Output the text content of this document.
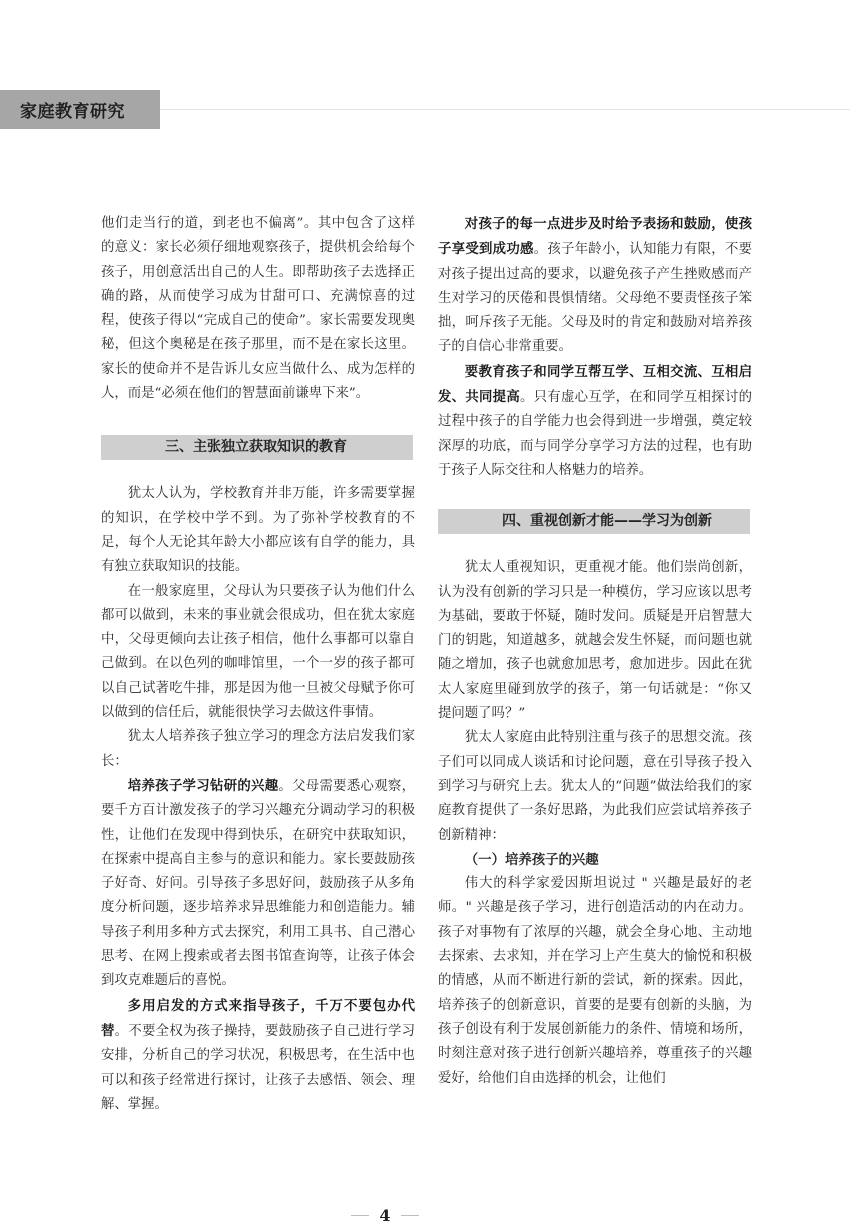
家庭教育研究

他们走当行的道，到老也不偏离”。其中包含了这样的意义：家长必须仔细地观察孩子，提供机会给每个孩子，用创意活出自己的人生。即帮助孩子去选择正确的路，从而使学习成为甘甜可口、充满惊喜的过程，使孩子得以“完成自己的使命”。家长需要发现奥秘，但这个奥秘是在孩子那里，而不是在家长这里。家长的使命并不是告诉儿女应当做什么、成为怎样的人，而是“必须在他们的智慧面前谦卑下来”。

三、主张独立获取知识的教育

犹太人认为，学校教育并非万能，许多需要掌握的知识，在学校中学不到。为了弥补学校教育的不足，每个人无论其年龄大小都应该有自学的能力，具有独立获取知识的技能。

在一般家庭里，父母认为只要孩子认为他们什么都可以做到，未来的事业就会很成功，但在犹太家庭中，父母更倾向去让孩子相信，他什么事都可以靠自己做到。在以色列的咖啡馆里，一个一岁的孩子都可以自己试著吃牛排，那是因为他一旦被父母赋予你可以做到的信任后，就能很快学习去做这件事情。

犹太人培养孩子独立学习的理念方法启发我们家长：

培养孩子学习钻研的兴趣。父母需要悉心观察，要千方百计激发孩子的学习兴趣充分调动学习的积极性，让他们在发现中得到快乐，在研究中获取知识，在探索中提高自主参与的意识和能力。家长要鼓励孩子好奇、好问。引导孩子多思好问，鼓励孩子从多角度分析问题，逐步培养求异思维能力和创造能力。辅导孩子利用多种方式去探究，利用工具书、自己潜心思考、在网上搜索或者去图书馆查询等，让孩子体会到攻克难题后的喜悦。

多用启发的方式来指导孩子，千万不要包办代替。不要全权为孩子操持，要鼓励孩子自己进行学习安排，分析自己的学习状况，积极思考，在生活中也可以和孩子经常进行探讨，让孩子去感悟、领会、理解、掌握。

对孩子的每一点进步及时给予表扬和鼓励，使孩子享受到成功感。孩子年龄小，认知能力有限，不要对孩子提出过高的要求，以避免孩子产生挫败感而产生对学习的厌倦和畏惧情绪。父母绝不要责怪孩子笨拙，呵斥孩子无能。父母及时的肯定和鼓励对培养孩子的自信心非常重要。

要教育孩子和同学互帮互学、互相交流、互相启发、共同提高。只有虚心互学，在和同学互相探讨的过程中孩子的自学能力也会得到进一步增强，奠定较深厚的功底，而与同学分享学习方法的过程，也有助于孩子人际交往和人格魅力的培养。

四、重视创新才能——学习为创新

犹太人重视知识，更重视才能。他们崇尚创新，认为没有创新的学习只是一种模仿，学习应该以思考为基础，要敢于怀疑，随时发问。质疑是开启智慧大门的钥匙，知道越多，就越会发生怀疑，而问题也就随之增加，孩子也就愈加思考，愈加进步。因此在犹太人家庭里碰到放学的孩子，第一句话就是：“你又提问题了吗？”

犹太人家庭由此特别注重与孩子的思想交流。孩子们可以同成人谈话和讨论问题，意在引导孩子投入到学习与研究上去。犹太人的“问题”做法给我们的家庭教育提供了一条好思路，为此我们应尝试培养孩子创新精神：

（一）培养孩子的兴趣

伟大的科学家爱因斯坦说过 " 兴趣是最好的老师。" 兴趣是孩子学习，进行创造活动的内在动力。孩子对事物有了浓厚的兴趣，就会全身心地、主动地去探索、去求知，并在学习上产生莫大的愉悦和积极的情感，从而不断进行新的尝试，新的探索。因此，培养孩子的创新意识，首要的是要有创新的头脑，为孩子创设有利于发展创新能力的条件、情境和场所，时刻注意对孩子进行创新兴趣培养，尊重孩子的兴趣爱好，给他们自由选择的机会，让他们

4
